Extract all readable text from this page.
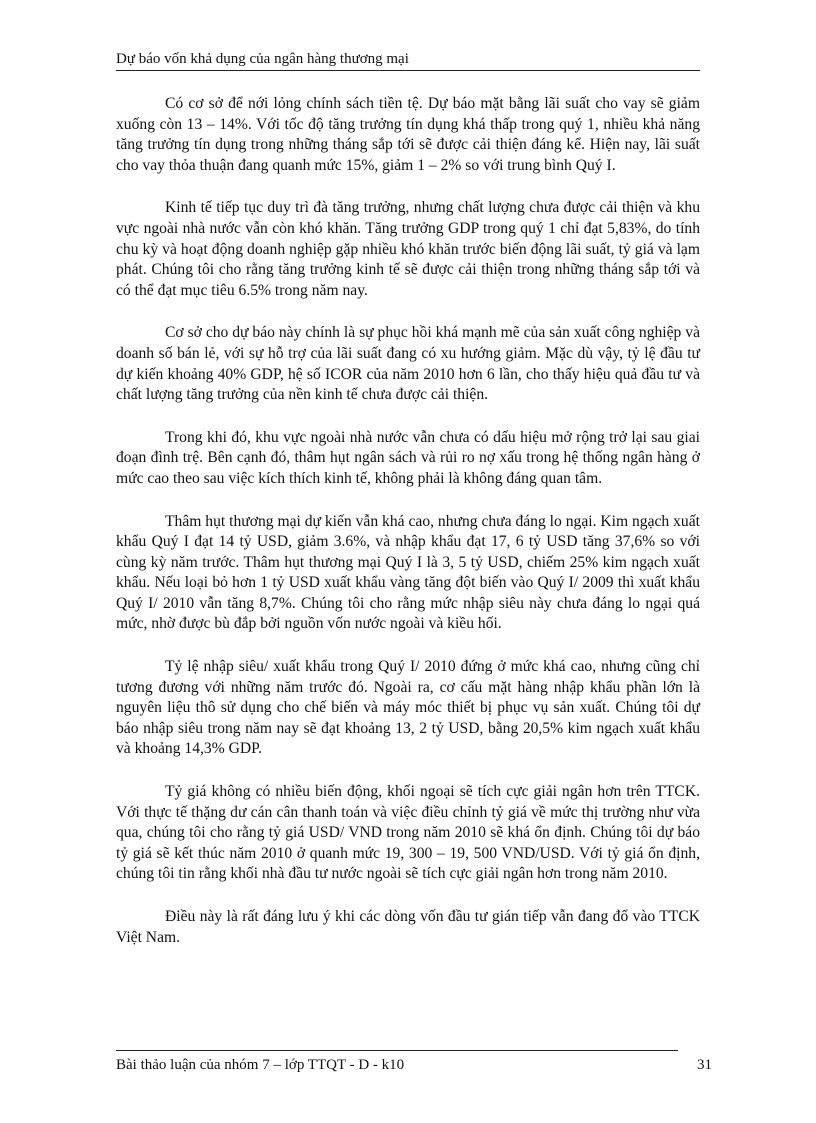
Dự báo vốn khả dụng của ngân hàng thương mại

Có cơ sở để nới lỏng chính sách tiền tệ. Dự báo mặt bằng lãi suất cho vay sẽ giảm xuống còn 13 – 14%. Với tốc độ tăng trưởng tín dụng khá thấp trong quý 1, nhiều khả năng tăng trưởng tín dụng trong những tháng sắp tới sẽ được cải thiện đáng kể. Hiện nay, lãi suất cho vay thỏa thuận đang quanh mức 15%, giảm 1 – 2% so với trung bình Quý I.

Kinh tế tiếp tục duy trì đà tăng trưởng, nhưng chất lượng chưa được cải thiện và khu vực ngoài nhà nước vẫn còn khó khăn. Tăng trưởng GDP trong quý 1 chỉ đạt 5,83%, do tính chu kỳ và hoạt động doanh nghiệp gặp nhiều khó khăn trước biến động lãi suất, tỷ giá và lạm phát. Chúng tôi cho rằng tăng trưởng kinh tế sẽ được cải thiện trong những tháng sắp tới và có thể đạt mục tiêu 6.5% trong năm nay.

Cơ sở cho dự báo này chính là sự phục hồi khá mạnh mẽ của sản xuất công nghiệp và doanh số bán lẻ, với sự hỗ trợ của lãi suất đang có xu hướng giảm. Mặc dù vậy, tỷ lệ đầu tư dự kiến khoảng 40% GDP, hệ số ICOR của năm 2010 hơn 6 lần, cho thấy hiệu quả đầu tư và chất lượng tăng trưởng của nền kinh tế chưa được cải thiện.

Trong khi đó, khu vực ngoài nhà nước vẫn chưa có dấu hiệu mở rộng trở lại sau giai đoạn đình trệ. Bên cạnh đó, thâm hụt ngân sách và rủi ro nợ xấu trong hệ thống ngân hàng ở mức cao theo sau việc kích thích kinh tế, không phải là không đáng quan tâm.

Thâm hụt thương mại dự kiến vẫn khá cao, nhưng chưa đáng lo ngại. Kim ngạch xuất khẩu Quý I đạt 14 tỷ USD, giảm 3.6%, và nhập khẩu đạt 17, 6 tỷ USD tăng 37,6% so với cùng kỳ năm trước. Thâm hụt thương mại Quý I là 3, 5 tỷ USD, chiếm 25% kim ngạch xuất khẩu. Nếu loại bỏ hơn 1 tỷ USD xuất khẩu vàng tăng đột biến vào Quý I/ 2009 thì xuất khẩu Quý I/ 2010 vẫn tăng 8,7%. Chúng tôi cho rằng mức nhập siêu này chưa đáng lo ngại quá mức, nhờ được bù đắp bởi nguồn vốn nước ngoài và kiều hối.

Tỷ lệ nhập siêu/ xuất khẩu trong Quý I/ 2010 đứng ở mức khá cao, nhưng cũng chỉ tương đương với những năm trước đó. Ngoài ra, cơ cấu mặt hàng nhập khẩu phần lớn là nguyên liệu thô sử dụng cho chế biến và máy móc thiết bị phục vụ sản xuất. Chúng tôi dự báo nhập siêu trong năm nay sẽ đạt khoảng 13, 2 tỷ USD, bằng 20,5% kim ngạch xuất khẩu và khoảng 14,3% GDP.

Tỷ giá không có nhiều biến động, khối ngoại sẽ tích cực giải ngân hơn trên TTCK. Với thực tế thặng dư cán cân thanh toán và việc điều chỉnh tỷ giá về mức thị trường như vừa qua, chúng tôi cho rằng tỷ giá USD/ VND trong năm 2010 sẽ khá ổn định. Chúng tôi dự báo tỷ giá sẽ kết thúc năm 2010 ở quanh mức 19, 300 – 19, 500 VND/USD. Với tỷ giá ổn định, chúng tôi tin rằng khối nhà đầu tư nước ngoài sẽ tích cực giải ngân hơn trong năm 2010.

Điều này là rất đáng lưu ý khi các dòng vốn đầu tư gián tiếp vẫn đang đổ vào TTCK Việt Nam.

Bài thảo luận của nhóm 7 – lớp TTQT - D - k10	31
